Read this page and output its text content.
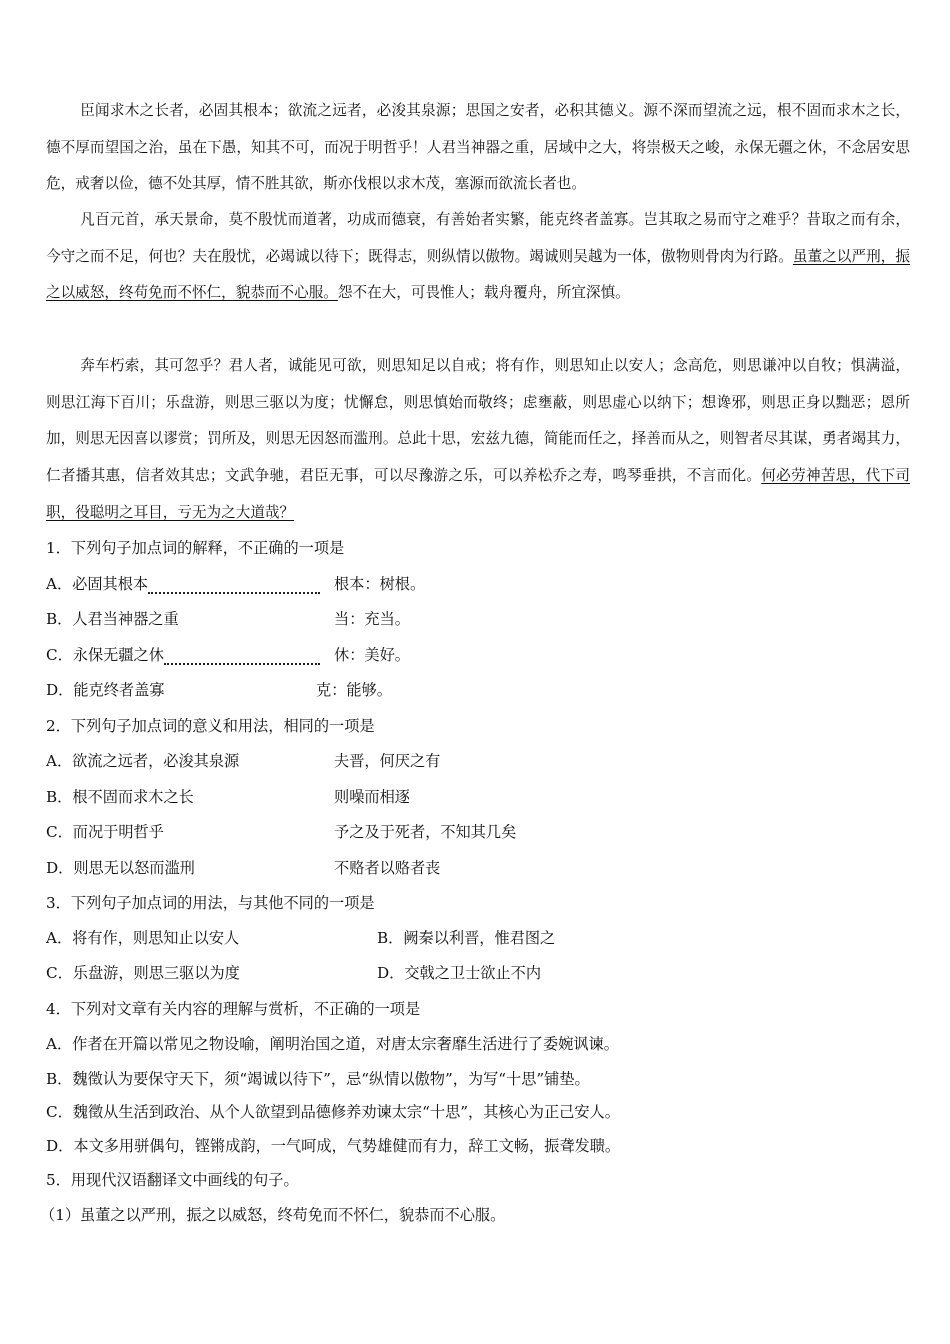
臣闻求木之长者，必固其根本；欲流之远者，必浚其泉源；思国之安者，必积其德义。源不深而望流之远，根不固而求木之长，德不厚而望国之治，虽在下愚，知其不可，而况于明哲乎！人君当神器之重，居域中之大，将崇极天之峻，永保无疆之休，不念居安思危，戒奢以俭，德不处其厚，情不胜其欲，斯亦伐根以求木茂，塞源而欲流长者也。

凡百元首，承天景命，莫不殷忧而道著，功成而德衰，有善始者实繁，能克终者盖寡。岂其取之易而守之难乎？昔取之而有余，今守之而不足，何也？夫在殷忧，必竭诚以待下；既得志，则纵情以傲物。竭诚则吴越为一体，傲物则骨肉为行路。虽董之以严刑，振之以威怒，终苟免而不怀仁，貌恭而不心服。怨不在大，可畏惟人；载舟覆舟，所宜深慎。

奔车朽索，其可忽乎？君人者，诚能见可欲，则思知足以自戒；将有作，则思知止以安人；念高危，则思谦冲以自牧；惧满溢，则思江海下百川；乐盘游，则思三驱以为度；忧懈怠，则思慎始而敬终；虑壅蔽，则思虚心以纳下；想谗邪，则思正身以黜恶；恩所加，则思无因喜以谬赏；罚所及，则思无因怒而滥刑。总此十思，宏兹九德，简能而任之，择善而从之，则智者尽其谋，勇者竭其力，仁者播其惠，信者效其忠；文武争驰，君臣无事，可以尽豫游之乐，可以养松乔之寿，鸣琴垂拱，不言而化。何必劳神苦思，代下司职，役聪明之耳目，亏无为之大道哉？

1．下列句子加点词的解释，不正确的一项是
A．必固其根本	根本：树根。
B．人君当神器之重	当：充当。
C．永保无疆之休	休：美好。
D．能克终者盖寡	克：能够。
2．下列句子加点词的意义和用法，相同的一项是
A．欲流之远者，必浚其泉源	夫晋，何厌之有
B．根不固而求木之长	则噪而相逐
C．而况于明哲乎	予之及于死者，不知其几矣
D．则思无以怒而滥刑	不赂者以赂者丧
3．下列句子加点词的用法，与其他不同的一项是
A．将有作，则思知止以安人	B．阙秦以利晋，惟君图之
C．乐盘游，则思三驱以为度	D．交戟之卫士欲止不内
4．下列对文章有关内容的理解与赏析，不正确的一项是
A．作者在开篇以常见之物设喻，阐明治国之道，对唐太宗奢靡生活进行了委婉讽谏。
B．魏徵认为要保守天下，须“竭诚以待下”，忌“纵情以傲物”，为写“十思”铺垫。
C．魏徵从生活到政治、从个人欲望到品德修养劝谏太宗“十思”，其核心为正己安人。
D．本文多用骈偶句，铿锵成韵，一气呵成，气势雄健而有力，辞工文畅，振聋发聩。
5．用现代汉语翻译文中画线的句子。
（1）虽董之以严刑，振之以威怒，终苟免而不怀仁，貌恭而不心服。
